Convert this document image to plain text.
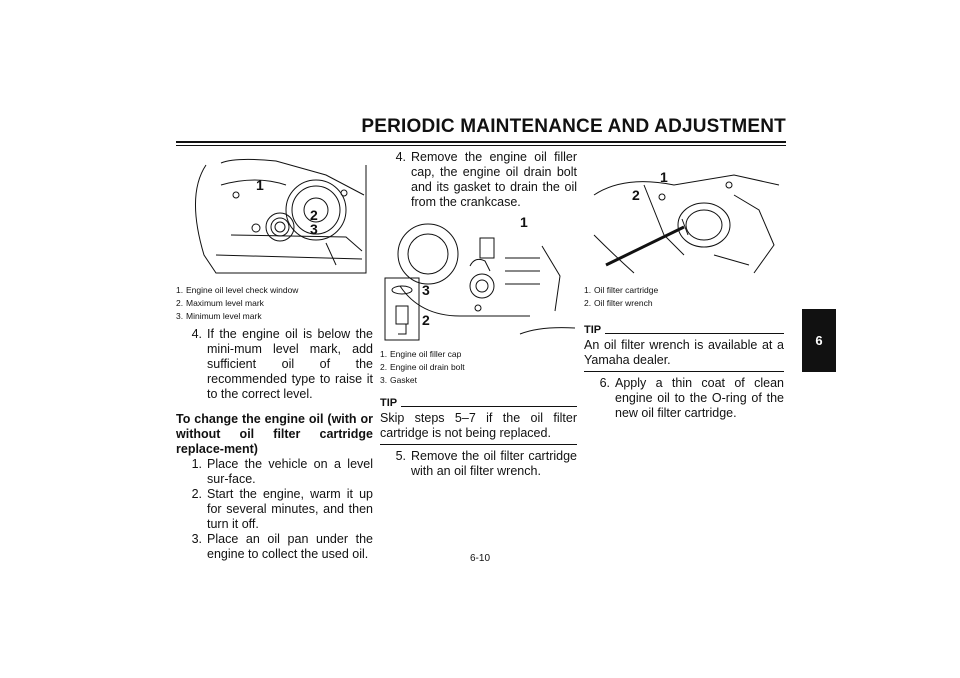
PERIODIC MAINTENANCE AND ADJUSTMENT
6
1
2
3
1. Engine oil level check window
2. Maximum level mark
3. Minimum level mark
4. If the engine oil is below the mini-mum level mark, add sufficient oil of the recommended type to raise it to the correct level.
To change the engine oil (with or without oil filter cartridge replace-ment)
1. Place the vehicle on a level sur-face.
2. Start the engine, warm it up for several minutes, and then turn it off.
3. Place an oil pan under the engine to collect the used oil.
4. Remove the engine oil filler cap, the engine oil drain bolt and its gasket to drain the oil from the crankcase.
1
3
2
1. Engine oil filler cap
2. Engine oil drain bolt
3. Gasket
TIP
Skip steps 5–7 if the oil filter cartridge is not being replaced.
5. Remove the oil filter cartridge with an oil filter wrench.
1
2
1. Oil filter cartridge
2. Oil filter wrench
TIP
An oil filter wrench is available at a Yamaha dealer.
6. Apply a thin coat of clean engine oil to the O-ring of the new oil filter cartridge.
6-10
